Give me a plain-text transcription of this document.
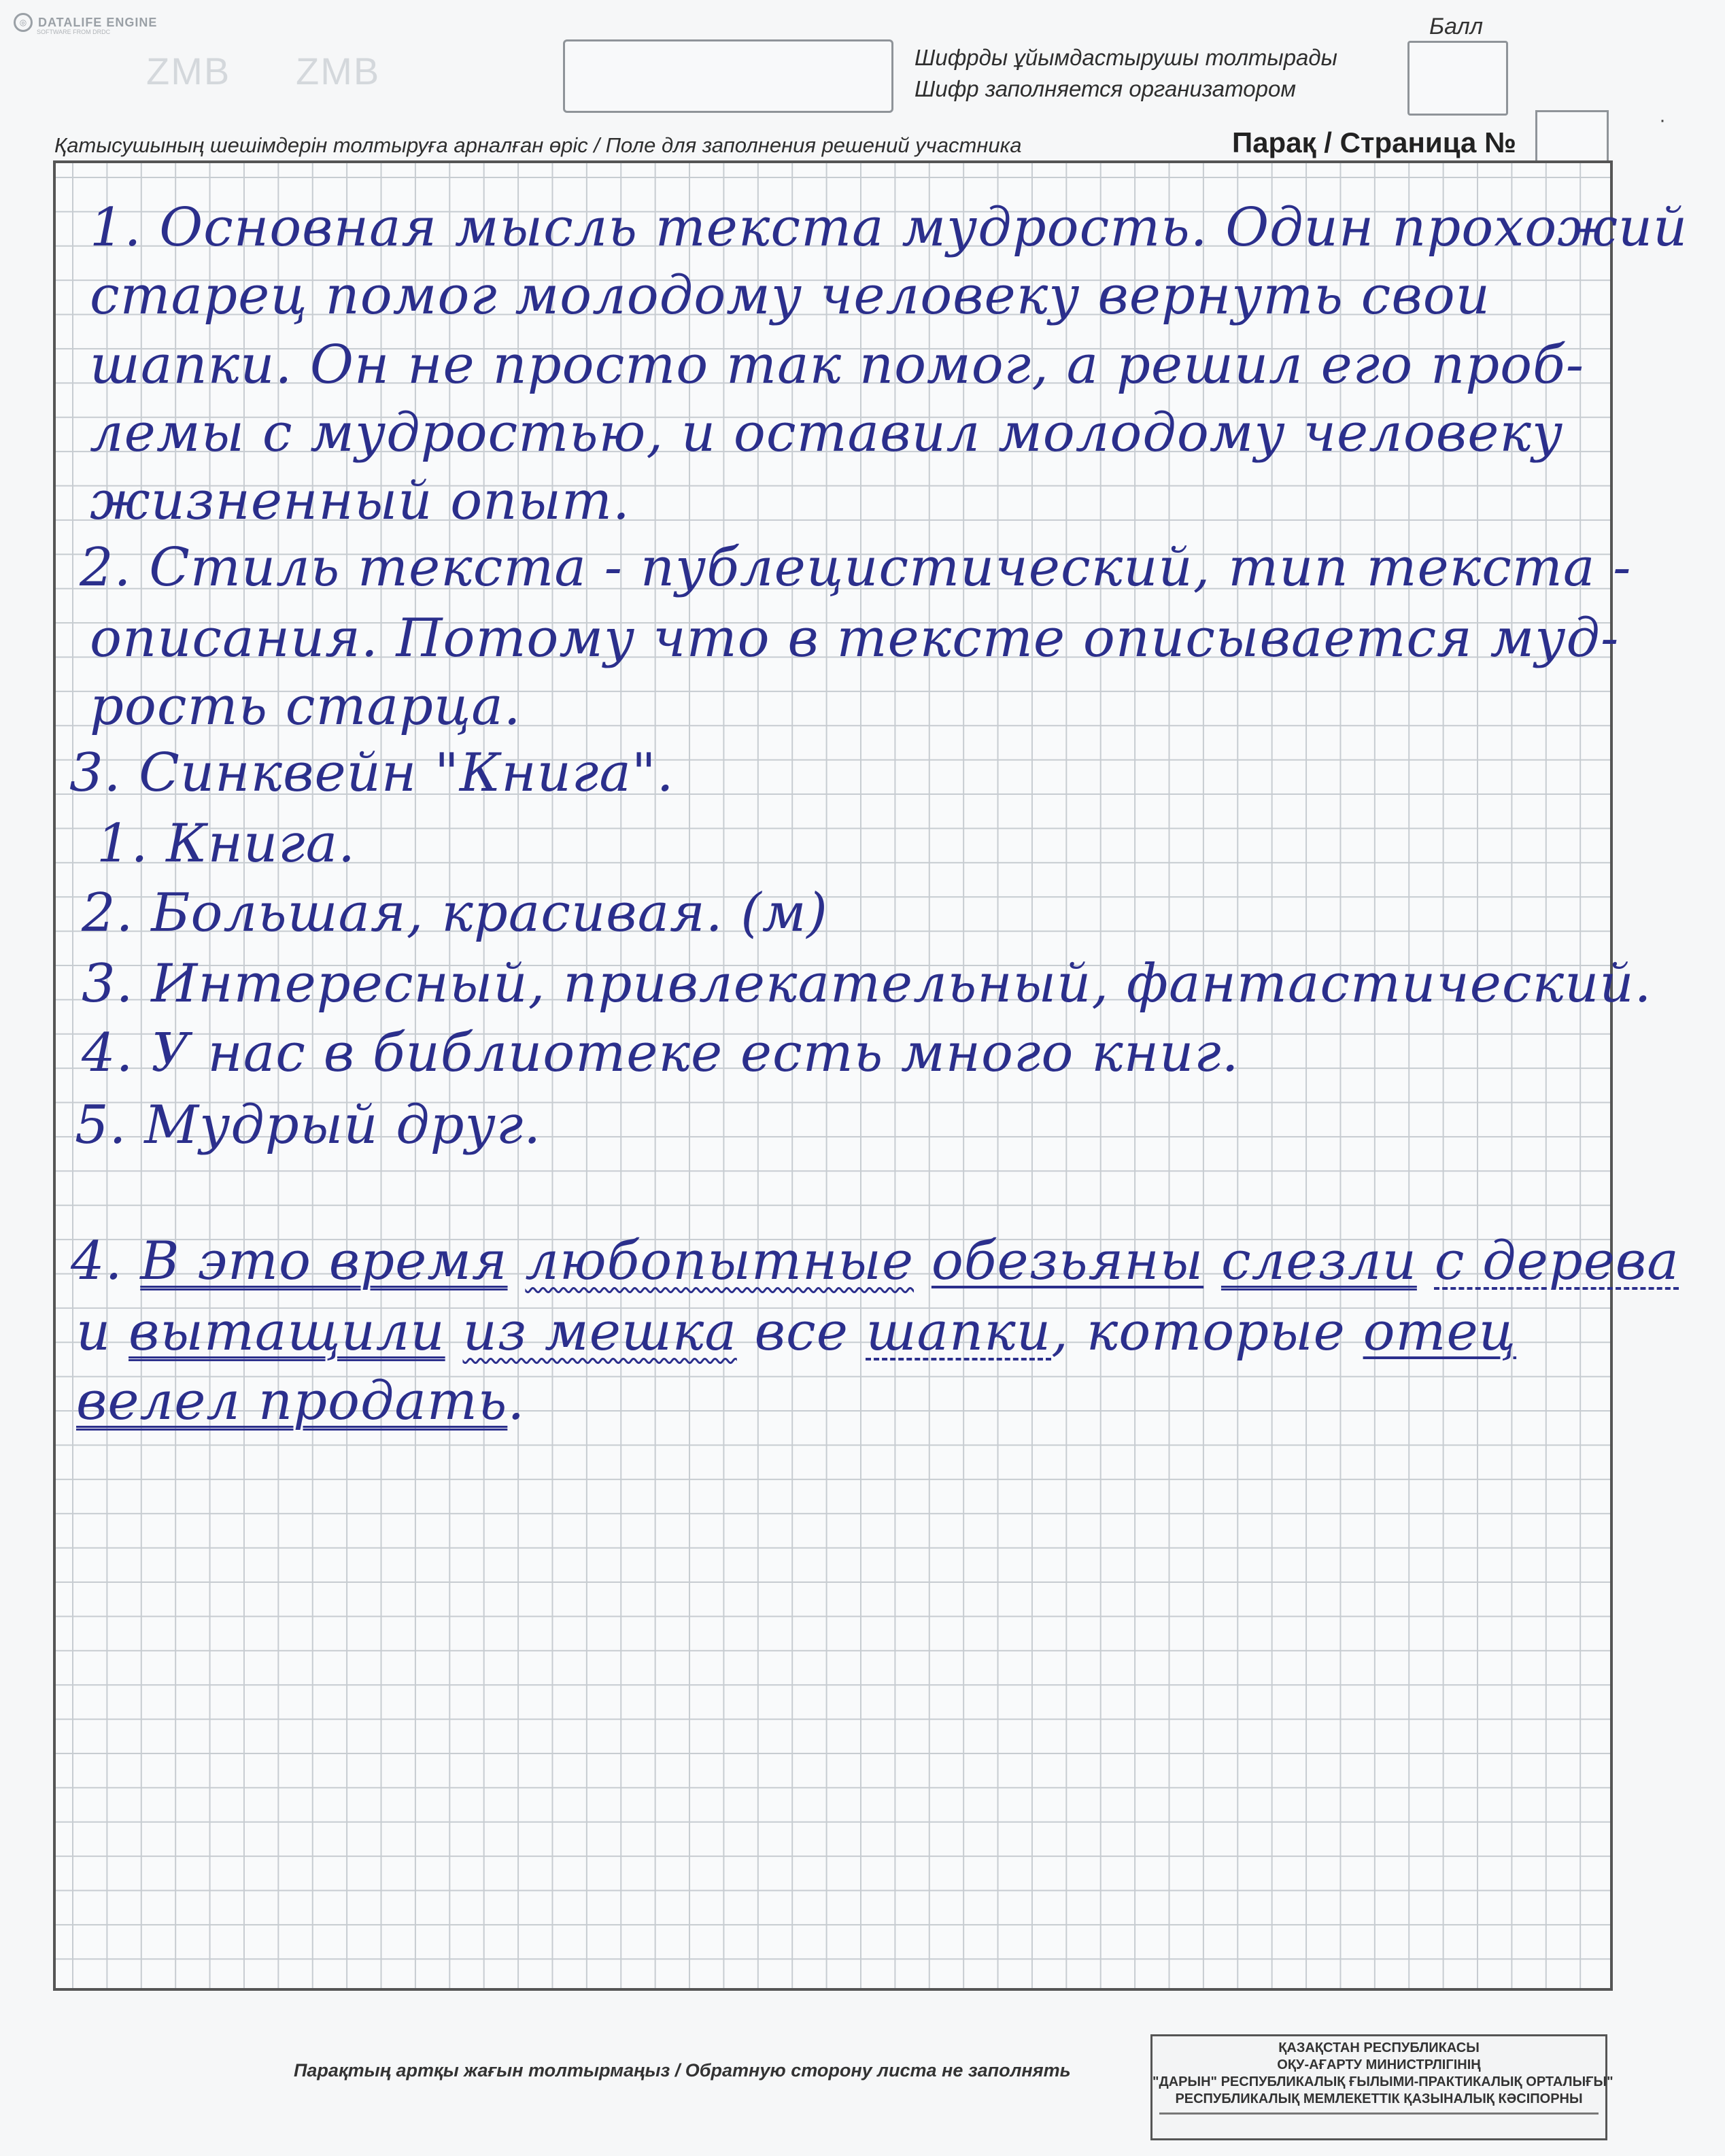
◎ DATALIFE ENGINE
SOFTWARE FROM DRDC
ZMB ZMB	Шифрды ұйымдастырушы толтырады
Шифр заполняется организатором
Балл
Қатысушының шешімдерін толтыруға арналған өріс / Поле для заполнения решений участника	Парақ / Страница №
·
1. Основная мысль текста мудрость. Один прохожий
старец помог молодому человеку вернуть свои
шапки. Он не просто так помог, а решил его проб-
лемы с мудростью, и оставил молодому человеку
жизненный опыт.
2. Стиль текста - публецистический, тип текста -
описания. Потому что в тексте описывается муд-
рость старца.
3. Синквейн "Книга".
1. Книга.
2. Большая, красивая. (м)
3. Интересный, привлекательный, фантастический.
4. У нас в библиотеке есть много книг.
5. Мудрый друг.
4. В это время любопытные обезьяны слезли с дерева
и вытащили из мешка все шапки, которые отец
велел продать.
Парақтың артқы жағын толтырмаңыз / Обратную сторону листа не заполнять
ҚАЗАҚСТАН РЕСПУБЛИКАСЫ
ОҚУ-АҒАРТУ МИНИСТРЛІГІНІҢ
"ДАРЫН" РЕСПУБЛИКАЛЫҚ ҒЫЛЫМИ-ПРАКТИКАЛЫҚ ОРТАЛЫҒЫ"
РЕСПУБЛИКАЛЫҚ МЕМЛЕКЕТТІК ҚАЗЫНАЛЫҚ КӘСІПОРНЫ
